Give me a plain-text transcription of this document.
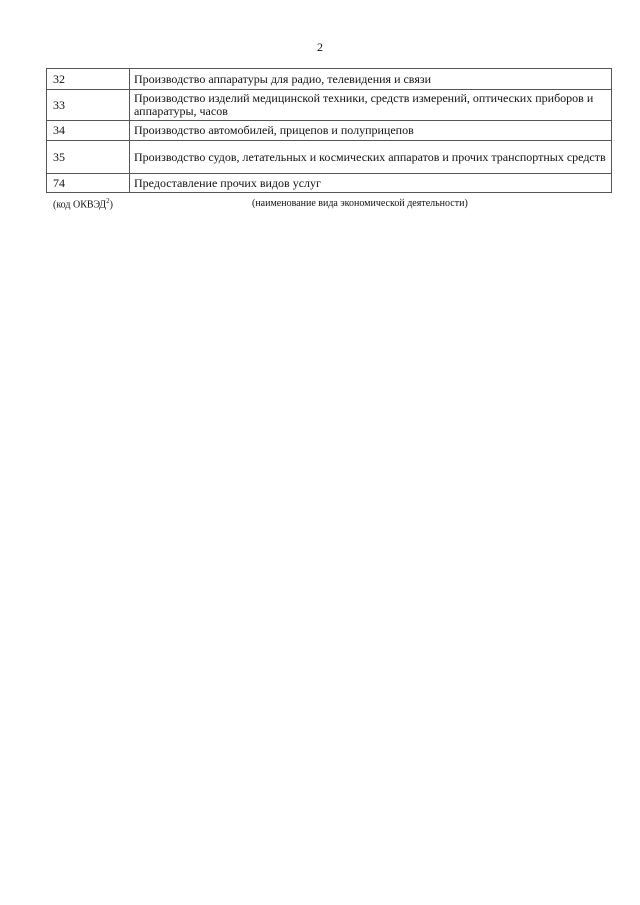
2
32	Производство аппаратуры для радио, телевидения и связи
33	Производство изделий медицинской техники, средств измерений, оптических приборов и аппаратуры, часов
34	Производство автомобилей, прицепов и полуприцепов
35	Производство судов, летательных и космических аппаратов и прочих транспортных средств
74	Предоставление прочих видов услуг
(код ОКВЭД$^2$)	(наименование вида экономической деятельности)
